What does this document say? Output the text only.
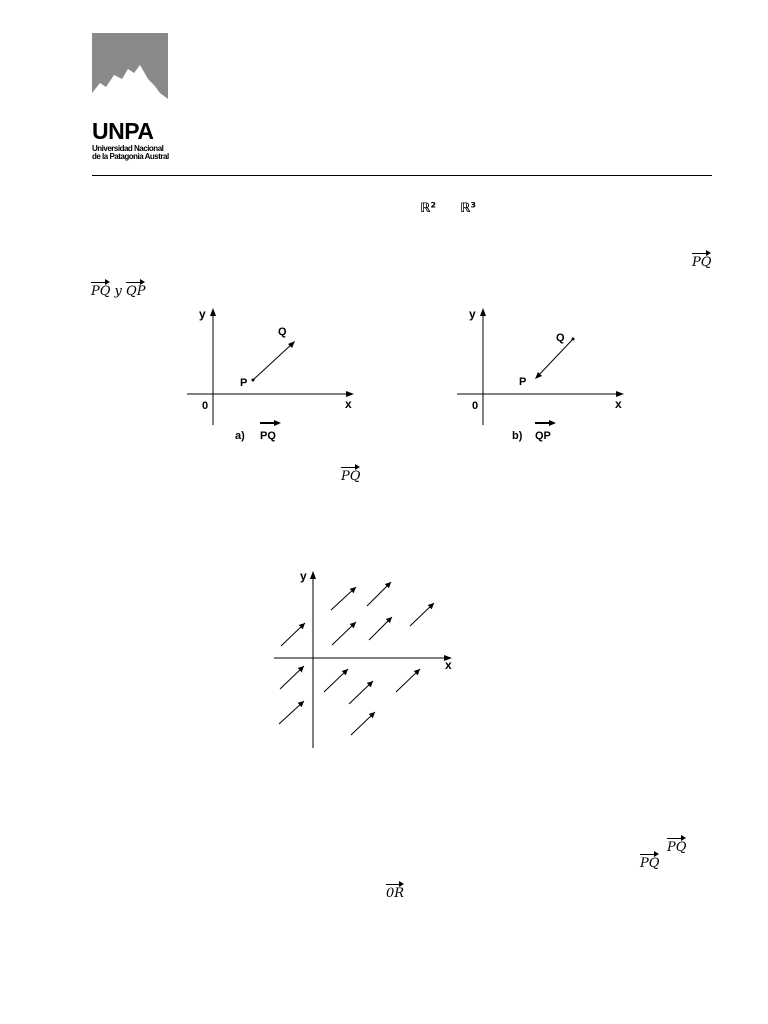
UNPA
Universidad Nacional
de la Patagonia Austral
ℝ² ℝ³
PQ
PQ y QP
y
x
0
P
Q
a) PQ
y
x
0
P
Q
b) QP
PQ
y
x
PQ
PQ
0R
